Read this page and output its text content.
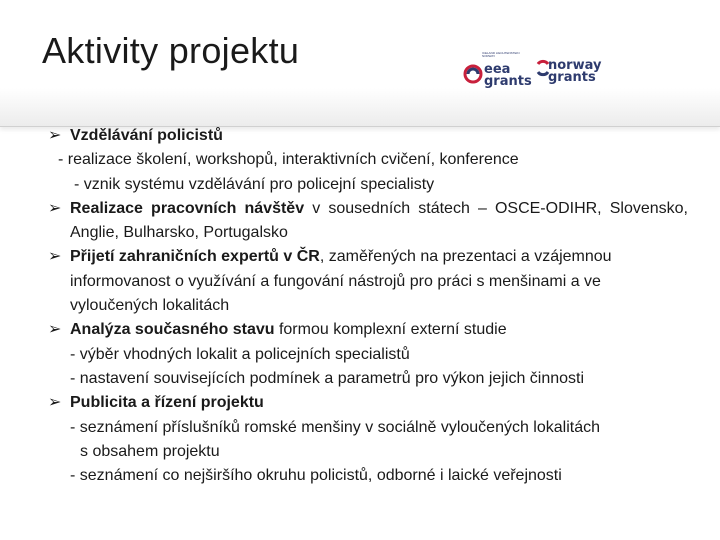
Aktivity projektu	ICELAND LIECHTENSTEIN NORWAY
eea
grants
norway
grants
➢ Vzdělávání policistů
- realizace školení, workshopů, interaktivních cvičení, konference
- vznik systému vzdělávání pro policejní specialisty
➢ Realizace pracovních návštěv v sousedních státech – OSCE-ODIHR, Slovensko, Anglie, Bulharsko, Portugalsko
➢ Přijetí zahraničních expertů v ČR, zaměřených na prezentaci a vzájemnou informovanost o využívání a fungování nástrojů pro práci s menšinami a ve vyloučených lokalitách
➢ Analýza současného stavu formou komplexní externí studie
- výběr vhodných lokalit a policejních specialistů
- nastavení souvisejících podmínek a parametrů pro výkon jejich činnosti
➢ Publicita a řízení projektu
- seznámení příslušníků romské menšiny v sociálně vyloučených lokalitách
s obsahem projektu
- seznámení co nejširšího okruhu policistů, odborné i laické veřejnosti
